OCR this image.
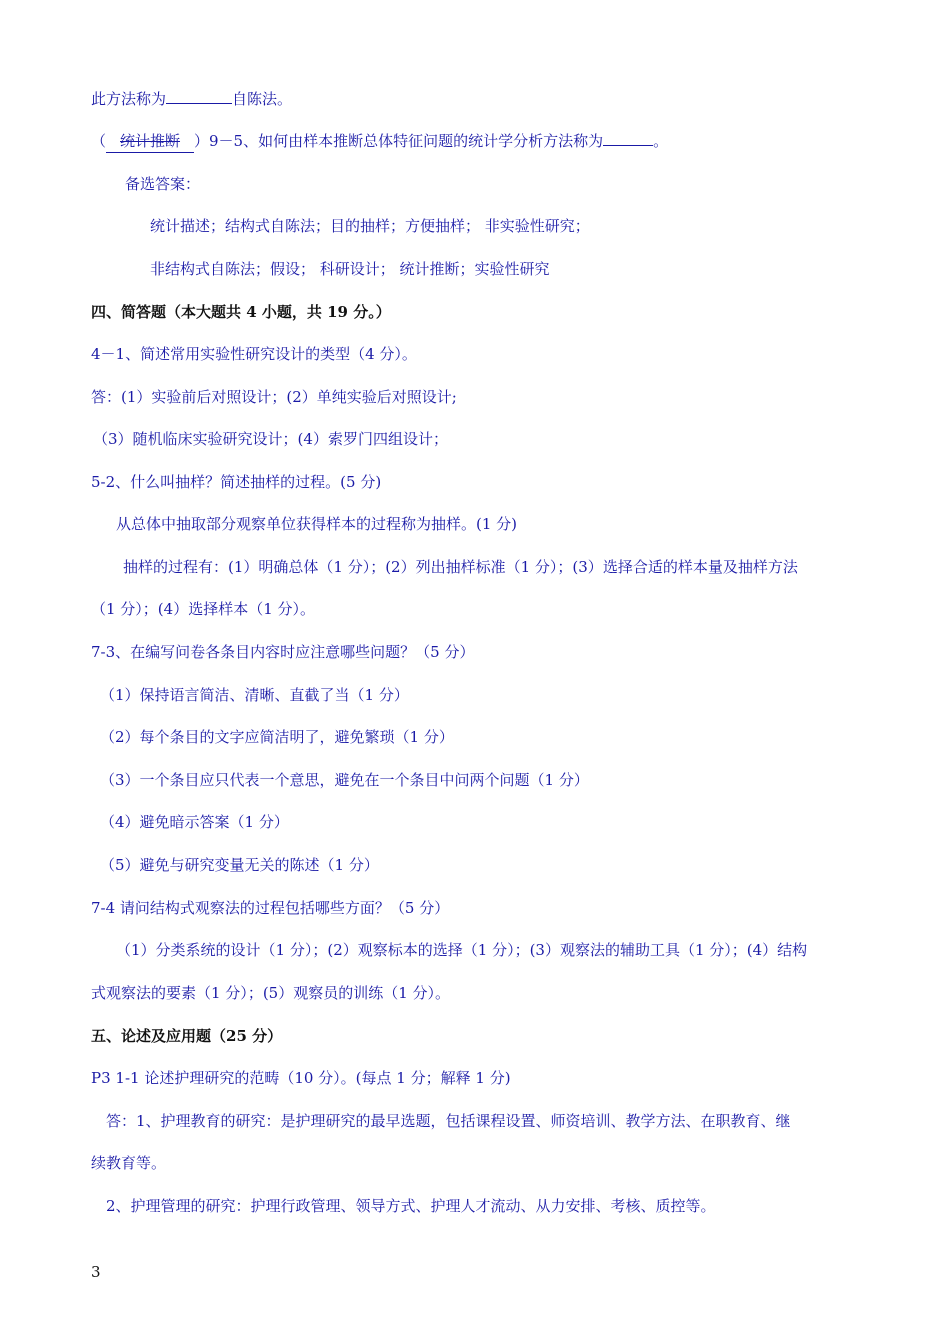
此方法称为	自陈法。
（ 统计推断 ）9－5、如何由样本推断总体特征问题的统计学分析方法称为	。
备选答案：
统计描述；结构式自陈法；目的抽样；方便抽样； 非实验性研究；
非结构式自陈法；假设； 科研设计； 统计推断；实验性研究
四、简答题（本大题共 4 小题，共 19 分。）
4－1、简述常用实验性研究设计的类型（4 分）。
答：(1）实验前后对照设计；(2）单纯实验后对照设计;
（3）随机临床实验研究设计；(4）索罗门四组设计；
5-2、什么叫抽样？简述抽样的过程。(5 分)
从总体中抽取部分观察单位获得样本的过程称为抽样。(1 分)
抽样的过程有：(1）明确总体（1 分）；(2）列出抽样标准（1 分）；(3）选择合适的样本量及抽样方法
（1 分）；(4）选择样本（1 分）。
7-3、在编写问卷各条目内容时应注意哪些问题？（5 分）
（1）保持语言简洁、清晰、直截了当（1 分）
（2）每个条目的文字应简洁明了，避免繁琐（1 分）
（3）一个条目应只代表一个意思，避免在一个条目中问两个问题（1 分）
（4）避免暗示答案（1 分）
（5）避免与研究变量无关的陈述（1 分）
7-4 请问结构式观察法的过程包括哪些方面？（5 分）
（1）分类系统的设计（1 分）；(2）观察标本的选择（1 分）；(3）观察法的辅助工具（1 分）；(4）结构
式观察法的要素（1 分）；(5）观察员的训练（1 分）。
五、论述及应用题（25 分）
P3 1-1 论述护理研究的范畴（10 分）。(每点 1 分；解释 1 分)
答：1、护理教育的研究：是护理研究的最早选题，包括课程设置、师资培训、教学方法、在职教育、继
续教育等。
2、护理管理的研究：护理行政管理、领导方式、护理人才流动、从力安排、考核、质控等。
3
